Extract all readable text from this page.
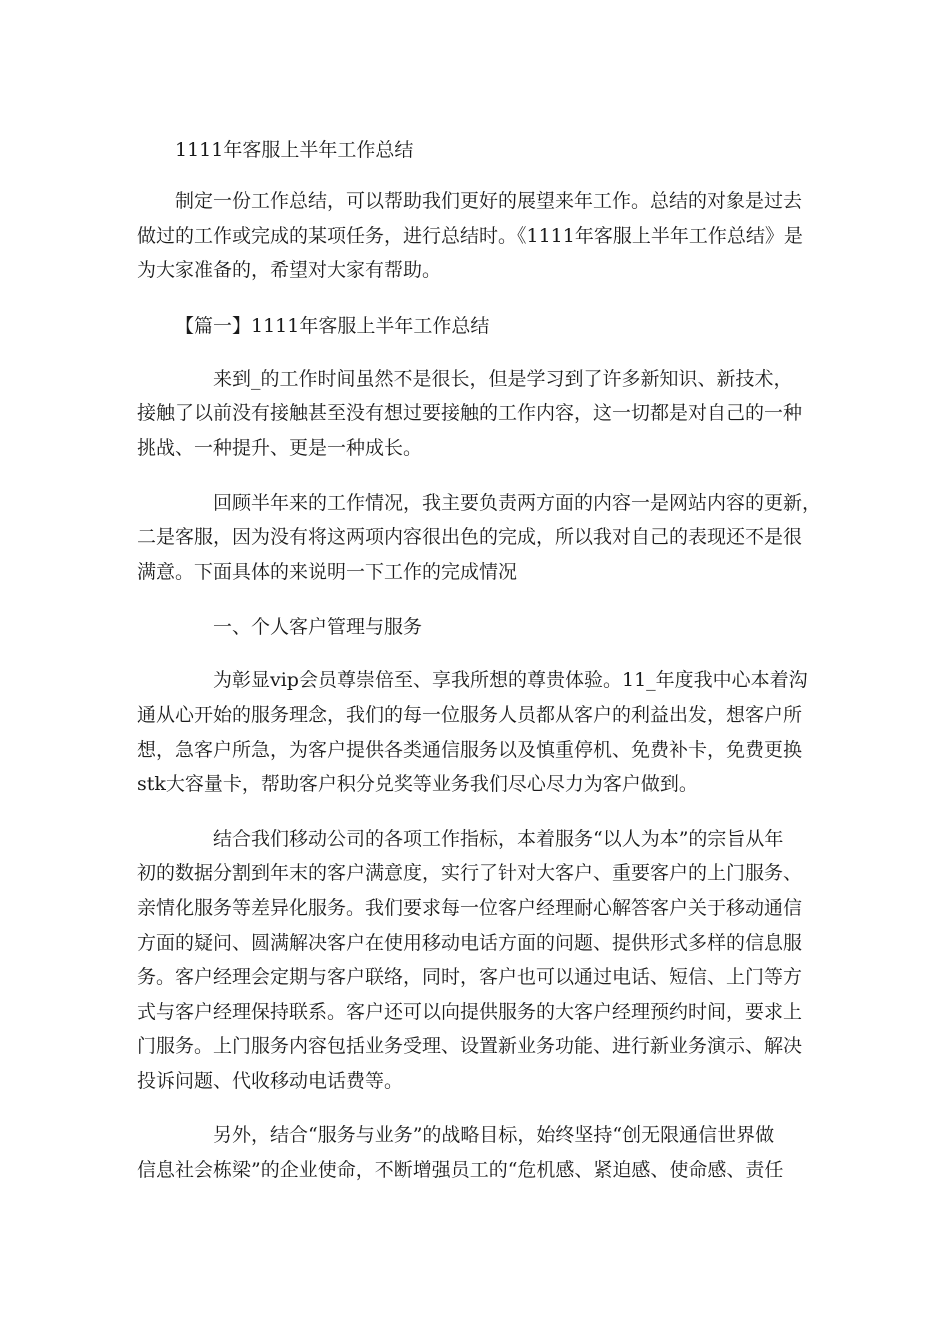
1111年客服上半年工作总结
制定一份工作总结，可以帮助我们更好的展望来年工作。总结的对象是过去
做过的工作或完成的某项任务，进行总结时。《1111年客服上半年工作总结》是
为大家准备的，希望对大家有帮助。
【篇一】1111年客服上半年工作总结
来到_的工作时间虽然不是很长，但是学习到了许多新知识、新技术，
接触了以前没有接触甚至没有想过要接触的工作内容，这一切都是对自己的一种
挑战、一种提升、更是一种成长。
回顾半年来的工作情况，我主要负责两方面的内容一是网站内容的更新，
二是客服，因为没有将这两项内容很出色的完成，所以我对自己的表现还不是很
满意。下面具体的来说明一下工作的完成情况
一、个人客户管理与服务
为彰显vip会员尊崇倍至、享我所想的尊贵体验。11_年度我中心本着沟
通从心开始的服务理念，我们的每一位服务人员都从客户的利益出发，想客户所
想，急客户所急，为客户提供各类通信服务以及慎重停机、免费补卡，免费更换
stk大容量卡，帮助客户积分兑奖等业务我们尽心尽力为客户做到。
结合我们移动公司的各项工作指标，本着服务“以人为本”的宗旨从年
初的数据分割到年末的客户满意度，实行了针对大客户、重要客户的上门服务、
亲情化服务等差异化服务。我们要求每一位客户经理耐心解答客户关于移动通信
方面的疑问、圆满解决客户在使用移动电话方面的问题、提供形式多样的信息服
务。客户经理会定期与客户联络，同时，客户也可以通过电话、短信、上门等方
式与客户经理保持联系。客户还可以向提供服务的大客户经理预约时间，要求上
门服务。上门服务内容包括业务受理、设置新业务功能、进行新业务演示、解决
投诉问题、代收移动电话费等。
另外，结合“服务与业务”的战略目标，始终坚持“创无限通信世界做
信息社会栋梁”的企业使命，不断增强员工的“危机感、紧迫感、使命感、责任
